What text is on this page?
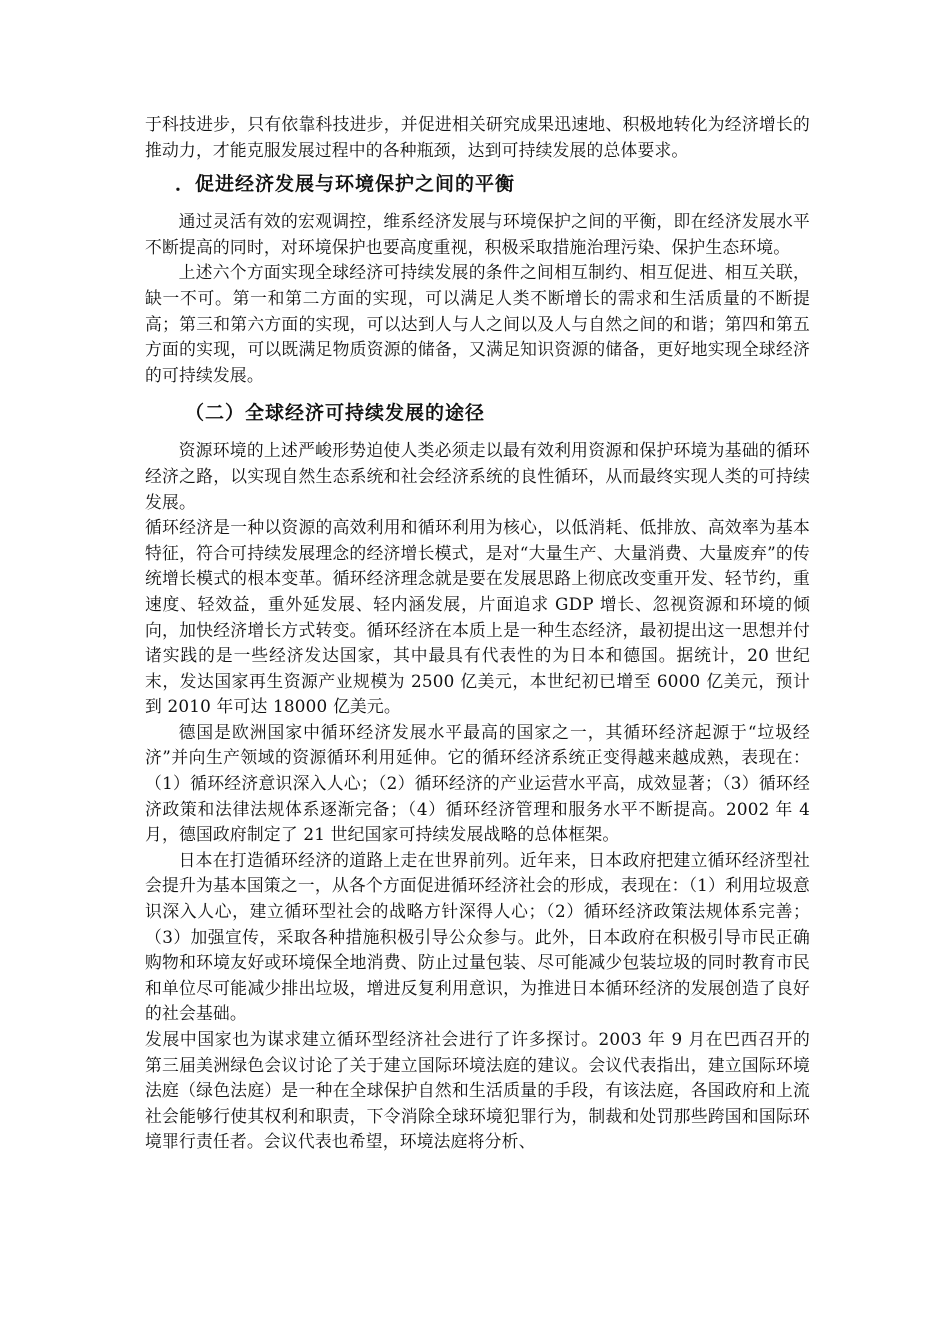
于科技进步，只有依靠科技进步，并促进相关研究成果迅速地、积极地转化为经济增长的推动力，才能克服发展过程中的各种瓶颈，达到可持续发展的总体要求。

．促进经济发展与环境保护之间的平衡

通过灵活有效的宏观调控，维系经济发展与环境保护之间的平衡，即在经济发展水平不断提高的同时，对环境保护也要高度重视，积极采取措施治理污染、保护生态环境。

上述六个方面实现全球经济可持续发展的条件之间相互制约、相互促进、相互关联，缺一不可。第一和第二方面的实现，可以满足人类不断增长的需求和生活质量的不断提高；第三和第六方面的实现，可以达到人与人之间以及人与自然之间的和谐；第四和第五方面的实现，可以既满足物质资源的储备，又满足知识资源的储备，更好地实现全球经济的可持续发展。

（二）全球经济可持续发展的途径

资源环境的上述严峻形势迫使人类必须走以最有效利用资源和保护环境为基础的循环经济之路，以实现自然生态系统和社会经济系统的良性循环，从而最终实现人类的可持续发展。

循环经济是一种以资源的高效利用和循环利用为核心，以低消耗、低排放、高效率为基本特征，符合可持续发展理念的经济增长模式，是对“大量生产、大量消费、大量废弃”的传统增长模式的根本变革。循环经济理念就是要在发展思路上彻底改变重开发、轻节约，重速度、轻效益，重外延发展、轻内涵发展，片面追求 GDP 增长、忽视资源和环境的倾向，加快经济增长方式转变。循环经济在本质上是一种生态经济，最初提出这一思想并付诸实践的是一些经济发达国家，其中最具有代表性的为日本和德国。据统计，20 世纪末，发达国家再生资源产业规模为 2500 亿美元，本世纪初已增至 6000 亿美元，预计到 2010 年可达 18000 亿美元。

德国是欧洲国家中循环经济发展水平最高的国家之一，其循环经济起源于“垃圾经济”并向生产领域的资源循环利用延伸。它的循环经济系统正变得越来越成熟，表现在：（1）循环经济意识深入人心；（2）循环经济的产业运营水平高，成效显著；（3）循环经济政策和法律法规体系逐渐完备；（4）循环经济管理和服务水平不断提高。2002 年 4 月，德国政府制定了 21 世纪国家可持续发展战略的总体框架。

日本在打造循环经济的道路上走在世界前列。近年来，日本政府把建立循环经济型社会提升为基本国策之一，从各个方面促进循环经济社会的形成，表现在：（1）利用垃圾意识深入人心，建立循环型社会的战略方针深得人心；（2）循环经济政策法规体系完善；（3）加强宣传，采取各种措施积极引导公众参与。此外，日本政府在积极引导市民正确购物和环境友好或环境保全地消费、防止过量包装、尽可能减少包装垃圾的同时教育市民和单位尽可能减少排出垃圾，增进反复利用意识，为推进日本循环经济的发展创造了良好的社会基础。

发展中国家也为谋求建立循环型经济社会进行了许多探讨。2003 年 9 月在巴西召开的第三届美洲绿色会议讨论了关于建立国际环境法庭的建议。会议代表指出，建立国际环境法庭（绿色法庭）是一种在全球保护自然和生活质量的手段，有该法庭，各国政府和上流社会能够行使其权利和职责，下令消除全球环境犯罪行为，制裁和处罚那些跨国和国际环境罪行责任者。会议代表也希望，环境法庭将分析、
